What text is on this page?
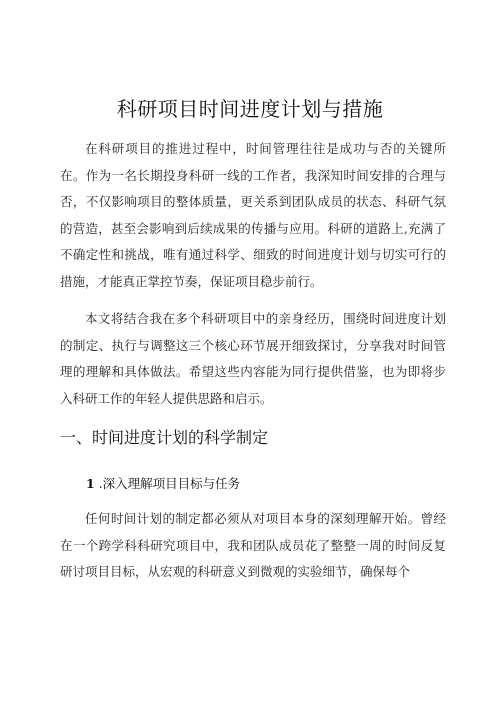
科研项目时间进度计划与措施

在科研项目的推进过程中，时间管理往往是成功与否的关键所在。作为一名长期投身科研一线的工作者，我深知时间安排的合理与否，不仅影响项目的整体质量，更关系到团队成员的状态、科研气氛的营造，甚至会影响到后续成果的传播与应用。科研的道路上,充满了不确定性和挑战，唯有通过科学、细致的时间进度计划与切实可行的措施，才能真正掌控节奏，保证项目稳步前行。

本文将结合我在多个科研项目中的亲身经历，围绕时间进度计划的制定、执行与调整这三个核心环节展开细致探讨，分享我对时间管理的理解和具体做法。希望这些内容能为同行提供借鉴，也为即将步入科研工作的年轻人提供思路和启示。

一、时间进度计划的科学制定
1 .深入理解项目目标与任务

任何时间计划的制定都必须从对项目本身的深刻理解开始。曾经在一个跨学科科研究项目中，我和团队成员花了整整一周的时间反复研讨项目目标，从宏观的科研意义到微观的实验细节，确保每个
